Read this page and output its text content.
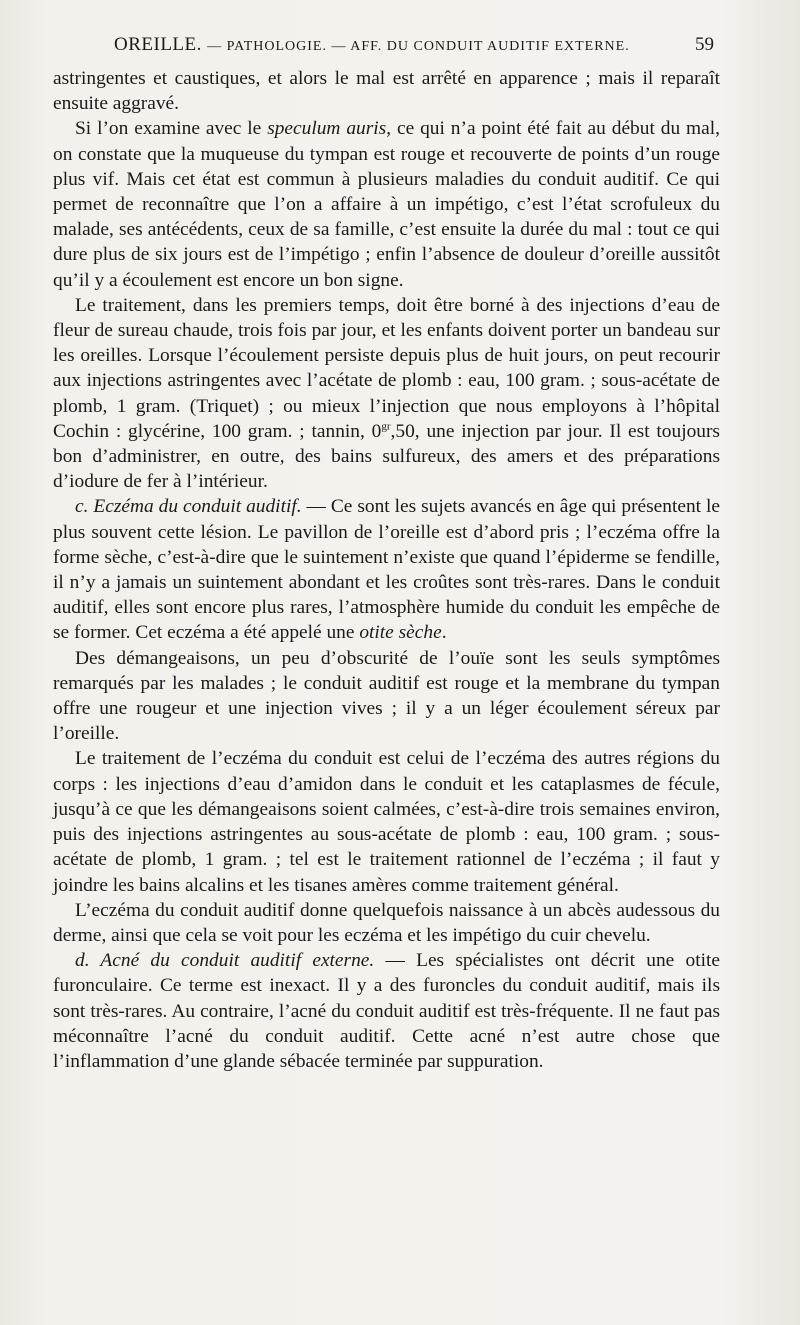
OREILLE. — PATHOLOGIE. — AFF. DU CONDUIT AUDITIF EXTERNE.	59

astringentes et caustiques, et alors le mal est arrêté en apparence ; mais il reparaît ensuite aggravé.

Si l’on examine avec le speculum auris, ce qui n’a point été fait au début du mal, on constate que la muqueuse du tympan est rouge et recouverte de points d’un rouge plus vif. Mais cet état est commun à plusieurs maladies du conduit auditif. Ce qui permet de reconnaître que l’on a affaire à un impétigo, c’est l’état scrofuleux du malade, ses antécédents, ceux de sa famille, c’est ensuite la durée du mal : tout ce qui dure plus de six jours est de l’impétigo ; enfin l’absence de douleur d’oreille aussitôt qu’il y a écoulement est encore un bon signe.

Le traitement, dans les premiers temps, doit être borné à des injections d’eau de fleur de sureau chaude, trois fois par jour, et les enfants doivent porter un bandeau sur les oreilles. Lorsque l’écoulement persiste depuis plus de huit jours, on peut recourir aux injections astringentes avec l’acétate de plomb : eau, 100 gram. ; sous-acétate de plomb, 1 gram. (Triquet) ; ou mieux l’injection que nous employons à l’hôpital Cochin : glycérine, 100 gram. ; tannin, $0^{gr},50$, une injection par jour. Il est toujours bon d’administrer, en outre, des bains sulfureux, des amers et des préparations d’iodure de fer à l’intérieur.

c. Eczéma du conduit auditif. — Ce sont les sujets avancés en âge qui présentent le plus souvent cette lésion. Le pavillon de l’oreille est d’abord pris ; l’eczéma offre la forme sèche, c’est-à-dire que le suintement n’existe que quand l’épiderme se fendille, il n’y a jamais un suintement abondant et les croûtes sont très-rares. Dans le conduit auditif, elles sont encore plus rares, l’atmosphère humide du conduit les empêche de se former. Cet eczéma a été appelé une otite sèche.

Des démangeaisons, un peu d’obscurité de l’ouïe sont les seuls symptômes remarqués par les malades ; le conduit auditif est rouge et la membrane du tympan offre une rougeur et une injection vives ; il y a un léger écoulement séreux par l’oreille.

Le traitement de l’eczéma du conduit est celui de l’eczéma des autres régions du corps : les injections d’eau d’amidon dans le conduit et les cataplasmes de fécule, jusqu’à ce que les démangeaisons soient calmées, c’est-à-dire trois semaines environ, puis des injections astringentes au sous-acétate de plomb : eau, 100 gram. ; sous-acétate de plomb, 1 gram. ; tel est le traitement rationnel de l’eczéma ; il faut y joindre les bains alcalins et les tisanes amères comme traitement général.

L’eczéma du conduit auditif donne quelquefois naissance à un abcès audessous du derme, ainsi que cela se voit pour les eczéma et les impétigo du cuir chevelu.

d. Acné du conduit auditif externe. — Les spécialistes ont décrit une otite furonculaire. Ce terme est inexact. Il y a des furoncles du conduit auditif, mais ils sont très-rares. Au contraire, l’acné du conduit auditif est très-fréquente. Il ne faut pas méconnaître l’acné du conduit auditif. Cette acné n’est autre chose que l’inflammation d’une glande sébacée terminée par suppuration.
